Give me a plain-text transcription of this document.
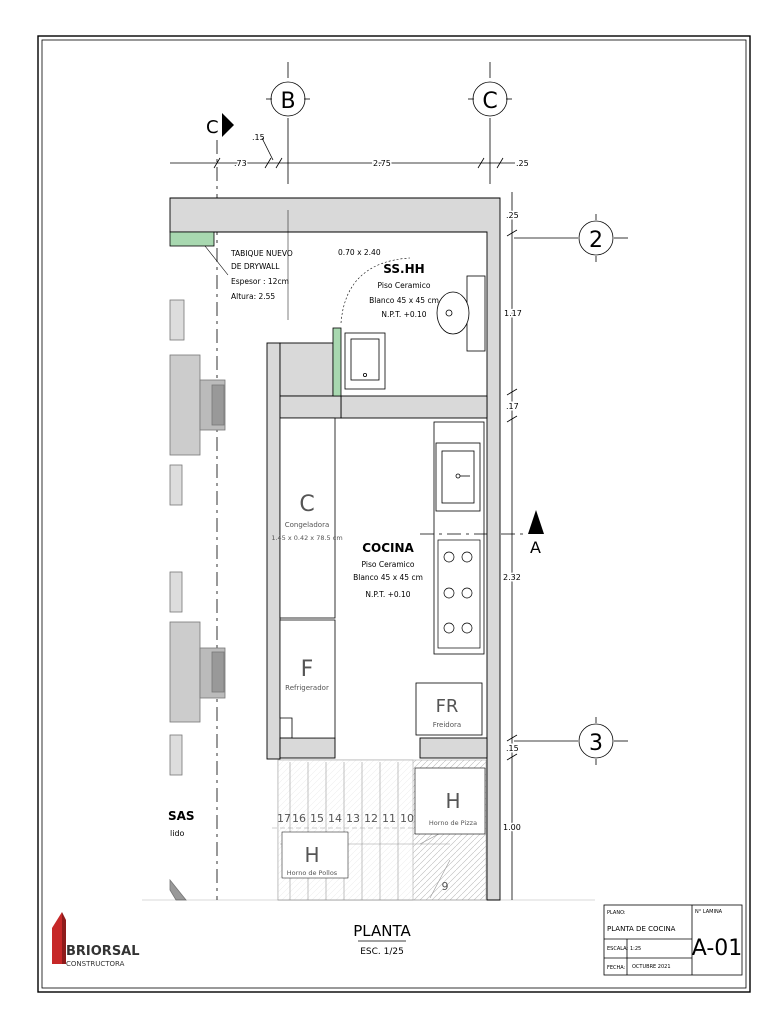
B	C
2
3
C
A
.15
.73	2.75	.25
.25
1.17
.17
2.32
.15
1.00
TABIQUE NUEVO
DE DRYWALL
Espesor : 12cm
Altura: 2.55
0.70 x 2.40
SS.HH
Piso Ceramico
Blanco 45 x 45 cm
N.P.T. +0.10
C
Congeladora
1.45 x 0.42 x 78.5 cm
F
Refrigerador
COCINA
Piso Ceramico
Blanco 45 x 45 cm
N.P.T. +0.10
FR
Freidora
H
Horno de Pizza
H
Horno de Pollos
17 16 15 14 13 12 11 10
9
SAS
lido
PLANTA
ESC. 1/25
BRIORSAL
CONSTRUCTORA
PLANO:
PLANTA DE COCINA
ESCALA: 1:25
FECHA: OCTUBRE 2021
N° LAMINA
A-01
